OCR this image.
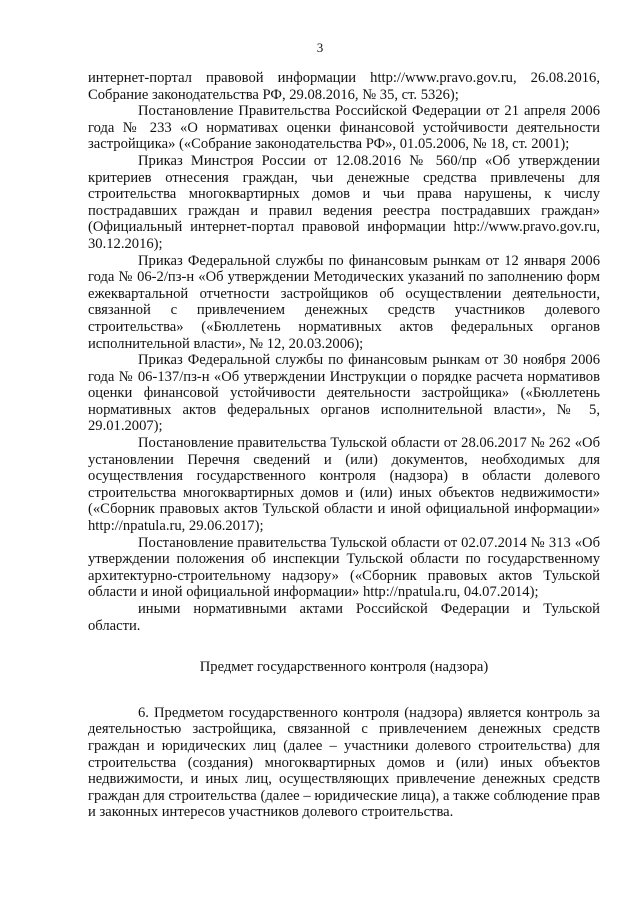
3

интернет-портал правовой информации http://www.pravo.gov.ru, 26.08.2016, Собрание законодательства РФ, 29.08.2016, № 35, ст. 5326);

Постановление Правительства Российской Федерации от 21 апреля 2006 года № 233 «О нормативах оценки финансовой устойчивости деятельности застройщика» («Собрание законодательства РФ», 01.05.2006, № 18, ст. 2001);

Приказ Минстроя России от 12.08.2016 № 560/пр «Об утверждении критериев отнесения граждан, чьи денежные средства привлечены для строительства многоквартирных домов и чьи права нарушены, к числу пострадавших граждан и правил ведения реестра пострадавших граждан» (Официальный интернет-портал правовой информации http://www.pravo.gov.ru, 30.12.2016);

Приказ Федеральной службы по финансовым рынкам от 12 января 2006 года № 06-2/пз-н «Об утверждении Методических указаний по заполнению форм ежеквартальной отчетности застройщиков об осуществлении деятельности, связанной с привлечением денежных средств участников долевого строительства» («Бюллетень нормативных актов федеральных органов исполнительной власти», № 12, 20.03.2006);

Приказ Федеральной службы по финансовым рынкам от 30 ноября 2006 года № 06-137/пз-н «Об утверждении Инструкции о порядке расчета нормативов оценки финансовой устойчивости деятельности застройщика» («Бюллетень нормативных актов федеральных органов исполнительной власти», № 5, 29.01.2007);

Постановление правительства Тульской области от 28.06.2017 № 262 «Об установлении Перечня сведений и (или) документов, необходимых для осуществления государственного контроля (надзора) в области долевого строительства многоквартирных домов и (или) иных объектов недвижимости» («Сборник правовых актов Тульской области и иной официальной информации» http://npatula.ru, 29.06.2017);

Постановление правительства Тульской области от 02.07.2014 № 313 «Об утверждении положения об инспекции Тульской области по государственному архитектурно-строительному надзору» («Сборник правовых актов Тульской области и иной официальной информации» http://npatula.ru, 04.07.2014);

иными нормативными актами Российской Федерации и Тульской области.

Предмет государственного контроля (надзора)

6. Предметом государственного контроля (надзора) является контроль за деятельностью застройщика, связанной с привлечением денежных средств граждан и юридических лиц (далее – участники долевого строительства) для строительства (создания) многоквартирных домов и (или) иных объектов недвижимости, и иных лиц, осуществляющих привлечение денежных средств граждан для строительства (далее – юридические лица), а также соблюдение прав и законных интересов участников долевого строительства.
